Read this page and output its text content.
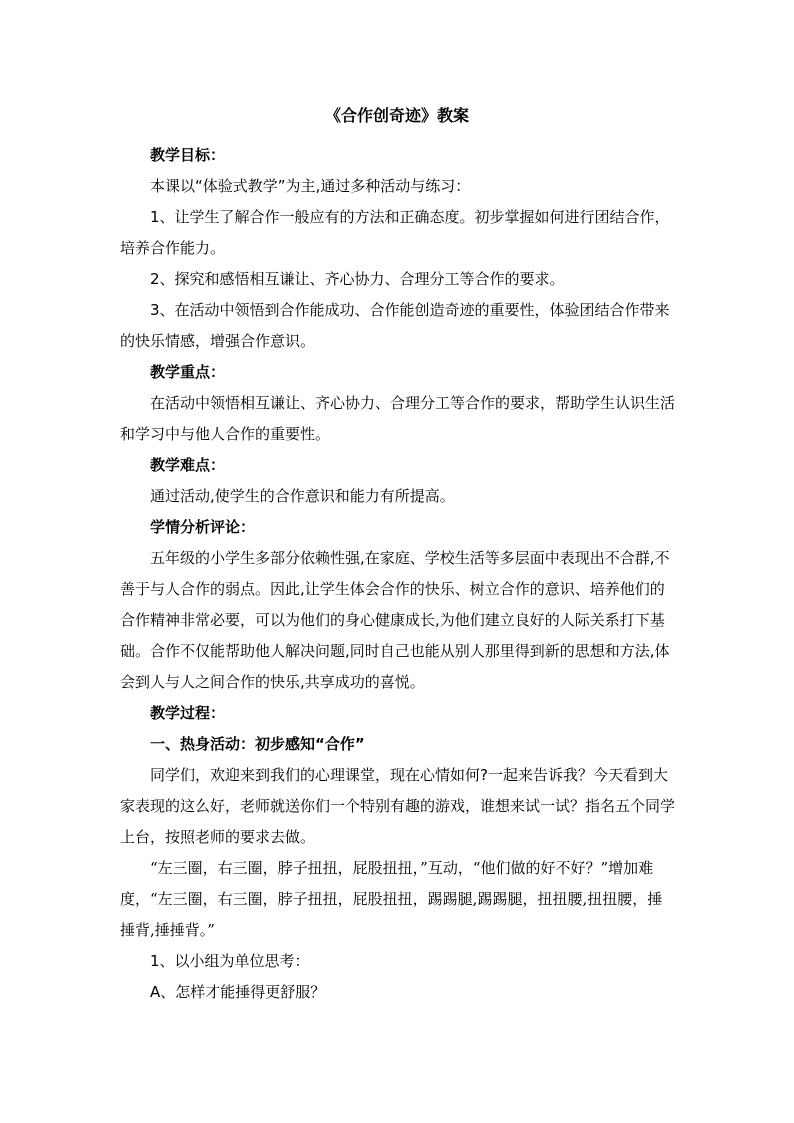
《合作创奇迹》教案

教学目标：

本课以“体验式教学”为主,通过多种活动与练习：

1、让学生了解合作一般应有的方法和正确态度。初步掌握如何进行团结合作，培养合作能力。

2、探究和感悟相互谦让、齐心协力、合理分工等合作的要求。

3、在活动中领悟到合作能成功、合作能创造奇迹的重要性，体验团结合作带来的快乐情感，增强合作意识。

教学重点：

在活动中领悟相互谦让、齐心协力、合理分工等合作的要求，帮助学生认识生活和学习中与他人合作的重要性。

教学难点：

通过活动,使学生的合作意识和能力有所提高。

学情分析评论：

五年级的小学生多部分依赖性强,在家庭、学校生活等多层面中表现出不合群,不善于与人合作的弱点。因此,让学生体会合作的快乐、树立合作的意识、培养他们的合作精神非常必要，可以为他们的身心健康成长,为他们建立良好的人际关系打下基础。合作不仅能帮助他人解决问题,同时自己也能从别人那里得到新的思想和方法,体会到人与人之间合作的快乐,共享成功的喜悦。

教学过程：

一、热身活动：初步感知“合作”

同学们，欢迎来到我们的心理课堂，现在心情如何?一起来告诉我？今天看到大家表现的这么好，老师就送你们一个特别有趣的游戏，谁想来试一试？指名五个同学上台，按照老师的要求去做。

“左三圈，右三圈，脖子扭扭，屁股扭扭，”互动，“他们做的好不好？”增加难度，“左三圈，右三圈，脖子扭扭，屁股扭扭，踢踢腿,踢踢腿，扭扭腰,扭扭腰，捶捶背,捶捶背。”

1、以小组为单位思考：

A、怎样才能捶得更舒服？
